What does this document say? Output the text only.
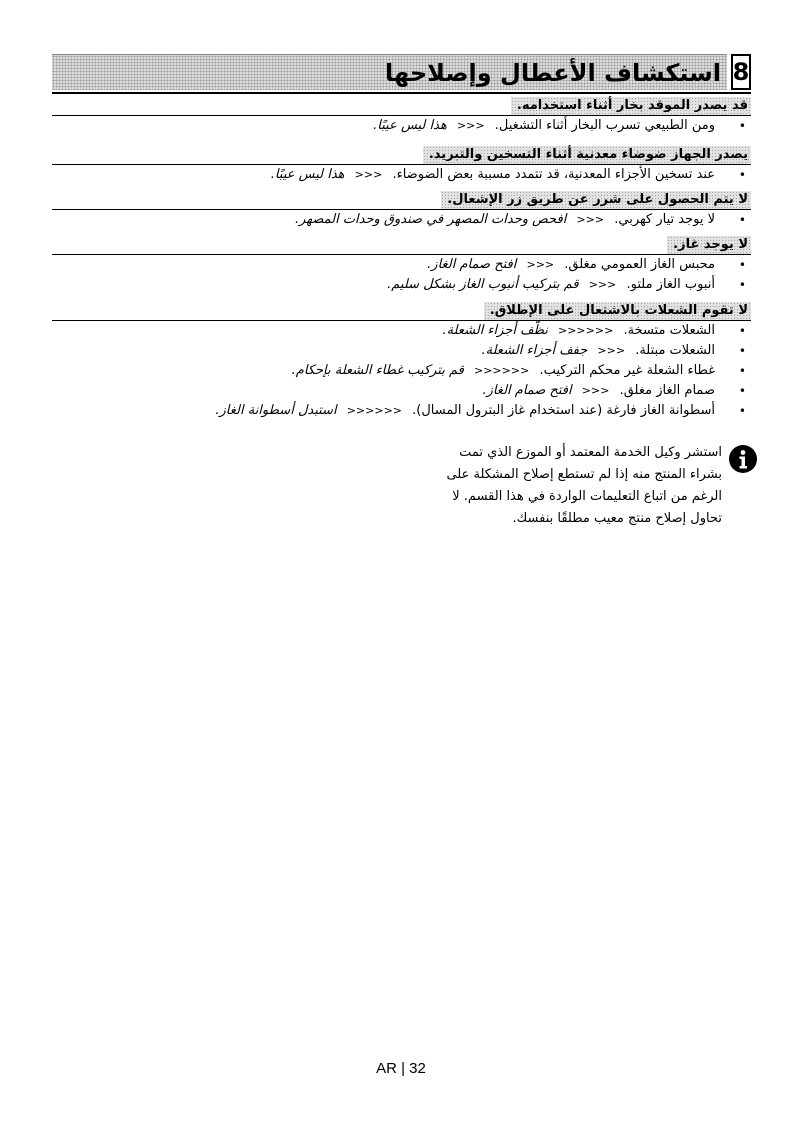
8
استكشاف الأعطال وإصلاحها
قد يصدر الموقد بخار أثناء استخدامه.
•
ومن الطبيعي تسرب البخار أثناء التشغيل. >>> هذا ليس عيبًا.
يصدر الجهاز ضوضاء معدنية أثناء التسخين والتبريد.
•
عند تسخين الأجزاء المعدنية، قد تتمدد مسببة بعض الضوضاء. >>> هذا ليس عيبًا.
لا يتم الحصول على شرر عن طريق زر الإشعال.
•
لا يوجد تيار كهربي. >>> افحص وحدات المصهر في صندوق وحدات المصهر.
لا يوجد غاز.
•
محبس الغاز العمومي مغلق. >>> افتح صمام الغاز.
•
أنبوب الغاز ملتو. >>> قم بتركيب أنبوب الغاز بشكل سليم.
لا تقوم الشعلات بالاشتعال على الإطلاق.
•
الشعلات متسخة. >>>>>> نظّف أجزاء الشعلة.
•
الشعلات مبتلة. >>> جفف أجزاء الشعلة.
•
غطاء الشعلة غير محكم التركيب. >>>>>> قم بتركيب غطاء الشعلة بإحكام.
•
صمام الغاز مغلق. >>> افتح صمام الغاز.
•
أسطوانة الغاز فارغة (عند استخدام غاز البترول المسال). >>>>>> استبدل أسطوانة الغاز.
استشر وكيل الخدمة المعتمد أو الموزع الذي تمت بشراء المنتج منه إذا لم تستطع إصلاح المشكلة على الرغم من اتباع التعليمات الواردة في هذا القسم. لا تحاول إصلاح منتج معيب مطلقًا بنفسك.
AR | 32
